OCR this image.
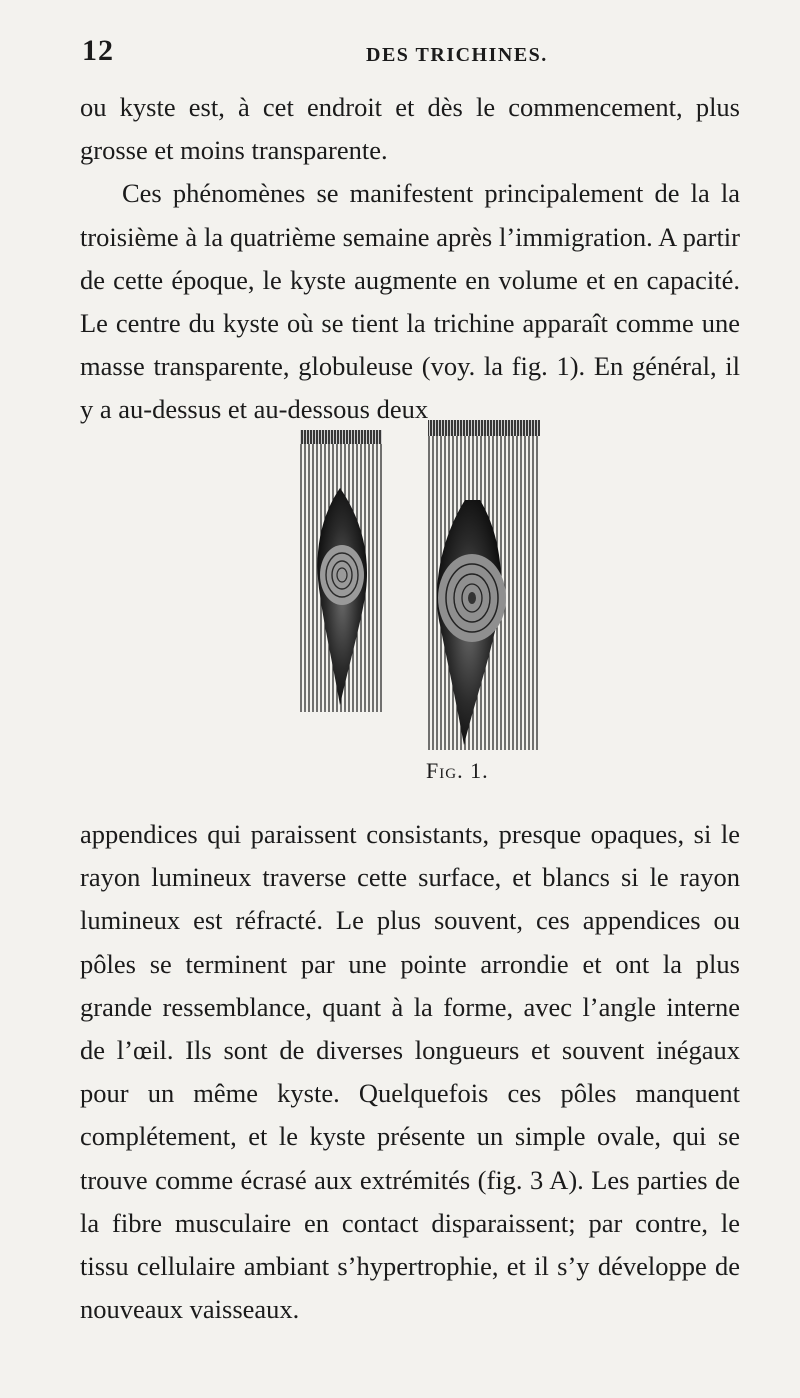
12	DES TRICHINES.

ou kyste est, à cet endroit et dès le commencement, plus grosse et moins transparente.

Ces phénomènes se manifestent principalement de la la troisième à la quatrième semaine après l’immigration. A partir de cette époque, le kyste augmente en volume et en capacité. Le centre du kyste où se tient la trichine apparaît comme une masse transparente, globuleuse (voy. la fig. 1). En général, il y a au-dessus et au-dessous deux

Fig. 1.

appendices qui paraissent consistants, presque opaques, si le rayon lumineux traverse cette surface, et blancs si le rayon lumineux est réfracté. Le plus souvent, ces appendices ou pôles se terminent par une pointe arrondie et ont la plus grande ressemblance, quant à la forme, avec l’angle interne de l’œil. Ils sont de diverses longueurs et souvent inégaux pour un même kyste. Quelquefois ces pôles manquent complétement, et le kyste présente un simple ovale, qui se trouve comme écrasé aux extrémités (fig. 3 A). Les parties de la fibre musculaire en contact disparaissent; par contre, le tissu cellulaire ambiant s’hypertrophie, et il s’y développe de nouveaux vaisseaux.
